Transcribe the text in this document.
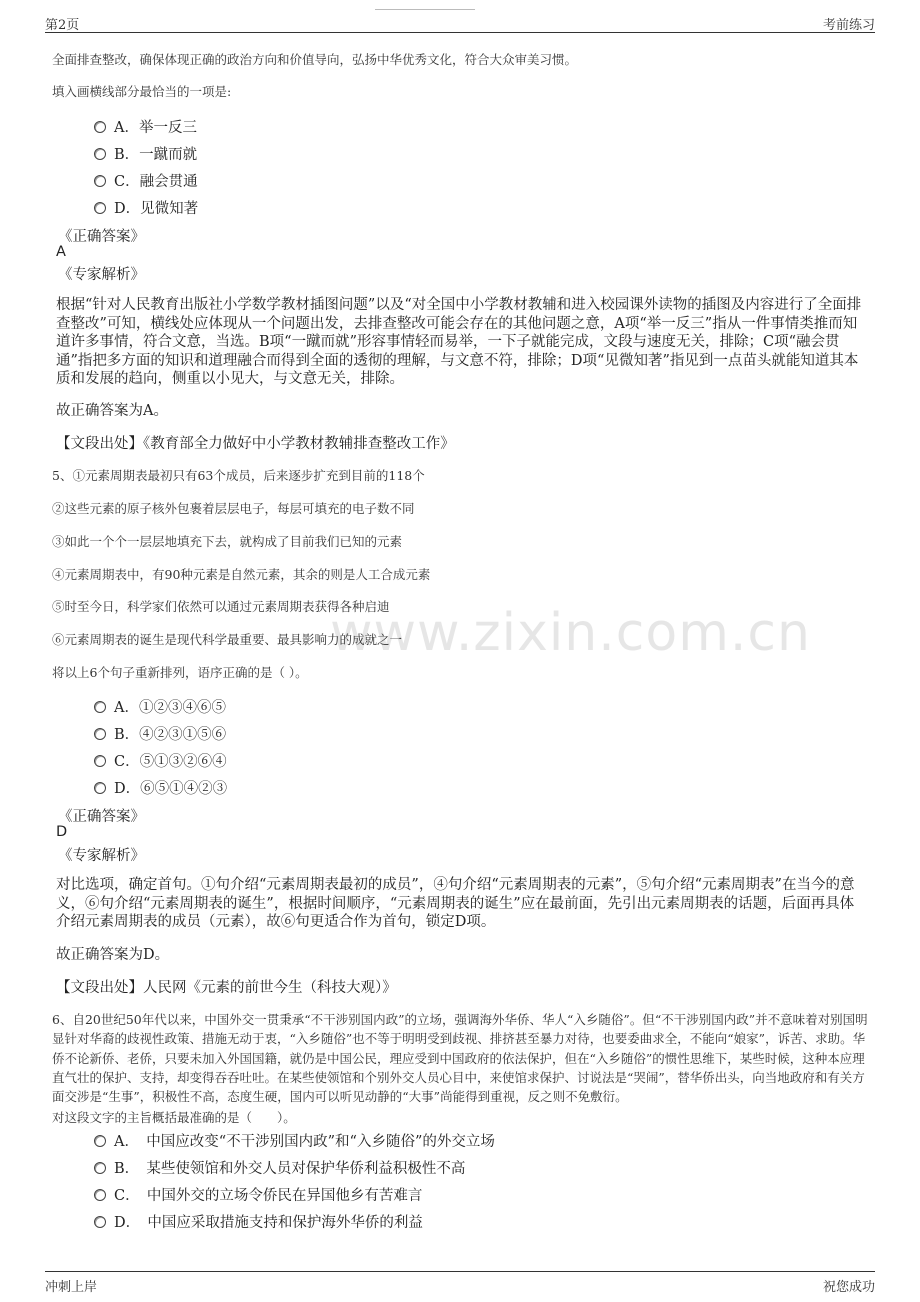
第2页	考前练习
www.zixin.com.cn
全面排查整改，确保体现正确的政治方向和价值导向，弘扬中华优秀文化，符合大众审美习惯。
填入画横线部分最恰当的一项是:
A．举一反三
B．一蹴而就
C．融会贯通
D．见微知著
《正确答案》
A
《专家解析》
根据“针对人民教育出版社小学数学教材插图问题”以及“对全国中小学教材教辅和进入校园课外读物的插图及内容进行了全面排查整改”可知，横线处应体现从一个问题出发，去排查整改可能会存在的其他问题之意，A项“举一反三”指从一件事情类推而知道许多事情，符合文意，当选。B项“一蹴而就”形容事情轻而易举，一下子就能完成，文段与速度无关，排除；C项“融会贯通”指把多方面的知识和道理融合而得到全面的透彻的理解，与文意不符，排除；D项“见微知著”指见到一点苗头就能知道其本质和发展的趋向，侧重以小见大，与文意无关，排除。
故正确答案为A。
【文段出处】《教育部全力做好中小学教材教辅排查整改工作》
5、①元素周期表最初只有63个成员，后来逐步扩充到目前的118个
②这些元素的原子核外包裹着层层电子，每层可填充的电子数不同
③如此一个个一层层地填充下去，就构成了目前我们已知的元素
④元素周期表中，有90种元素是自然元素，其余的则是人工合成元素
⑤时至今日，科学家们依然可以通过元素周期表获得各种启迪
⑥元素周期表的诞生是现代科学最重要、最具影响力的成就之一
将以上6个句子重新排列，语序正确的是（ ）。
A．①②③④⑥⑤
B．④②③①⑤⑥
C．⑤①③②⑥④
D．⑥⑤①④②③
《正确答案》
D
《专家解析》
对比选项，确定首句。①句介绍“元素周期表最初的成员”，④句介绍“元素周期表的元素”，⑤句介绍“元素周期表”在当今的意义，⑥句介绍“元素周期表的诞生”，根据时间顺序，“元素周期表的诞生”应在最前面，先引出元素周期表的话题，后面再具体介绍元素周期表的成员（元素），故⑥句更适合作为首句，锁定D项。
故正确答案为D。
【文段出处】人民网《元素的前世今生（科技大观）》
6、自20世纪50年代以来，中国外交一贯秉承“不干涉别国内政”的立场，强调海外华侨、华人“入乡随俗”。但“不干涉别国内政”并不意味着对别国明显针对华裔的歧视性政策、措施无动于衷，“入乡随俗”也不等于明明受到歧视、排挤甚至暴力对待，也要委曲求全，不能向“娘家”，诉苦、求助。华侨不论新侨、老侨，只要未加入外国国籍，就仍是中国公民，理应受到中国政府的依法保护，但在“入乡随俗”的惯性思维下，某些时候，这种本应理直气壮的保护、支持，却变得吞吞吐吐。在某些使领馆和个别外交人员心目中，来使馆求保护、讨说法是“哭闹”，替华侨出头，向当地政府和有关方面交涉是“生事”，积极性不高，态度生硬，国内可以听见动静的“大事”尚能得到重视，反之则不免敷衍。
对这段文字的主旨概括最准确的是（　　）。
A．　中国应改变“不干涉别国内政”和“入乡随俗”的外交立场
B．　某些使领馆和外交人员对保护华侨利益积极性不高
C．　中国外交的立场令侨民在异国他乡有苦难言
D．　中国应采取措施支持和保护海外华侨的利益
冲刺上岸	祝您成功
